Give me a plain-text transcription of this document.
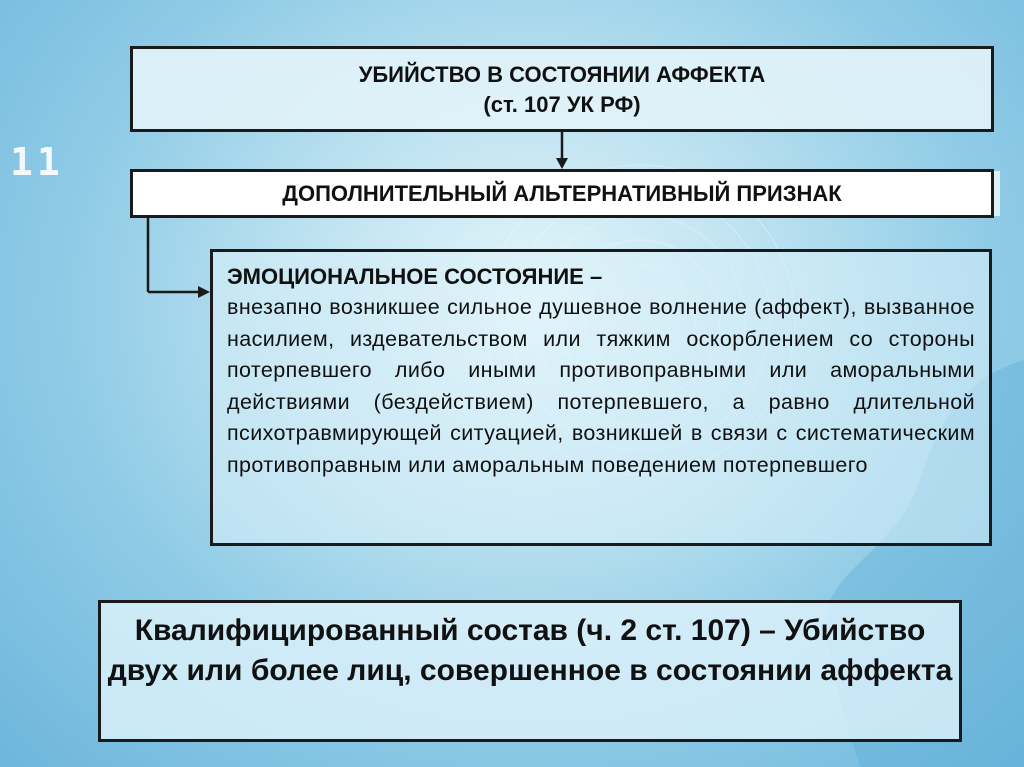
11
УБИЙСТВО В СОСТОЯНИИ АФФЕКТА
(ст. 107 УК РФ)
ДОПОЛНИТЕЛЬНЫЙ АЛЬТЕРНАТИВНЫЙ ПРИЗНАК
ЭМОЦИОНАЛЬНОЕ СОСТОЯНИЕ –
внезапно возникшее сильное душевное волнение (аффект), вызванное насилием, издевательством или тяжким оскорблением со стороны потерпевшего либо иными противоправными или аморальными действиями (бездействием) потерпевшего, а равно длительной психотравмирующей ситуацией, возникшей в связи с систематическим противоправным или аморальным поведением потерпевшего
Квалифицированный состав (ч. 2 ст. 107) – Убийство двух или более лиц, совершенное в состоянии аффекта
